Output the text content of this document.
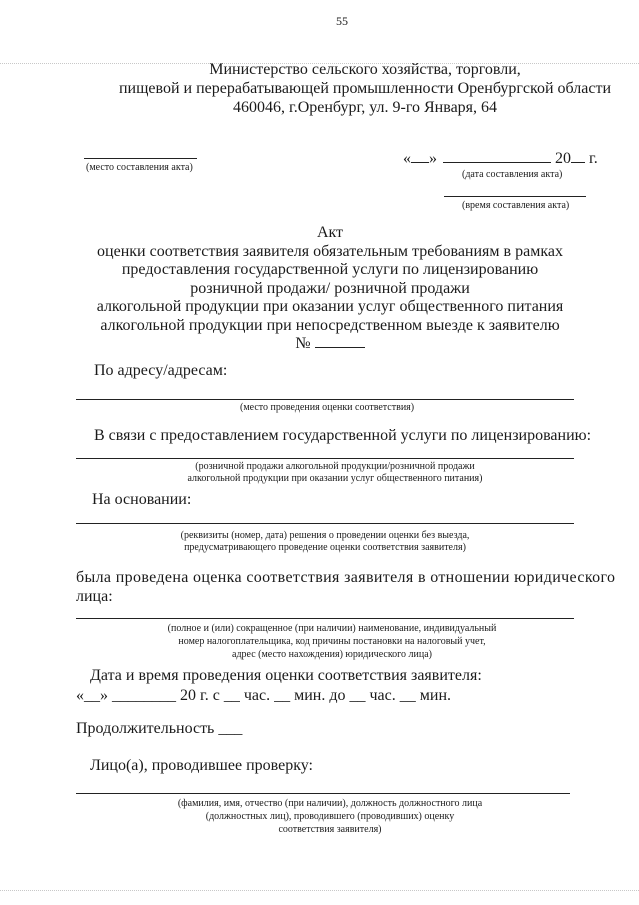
55
Министерство сельского хозяйства, торговли,
пищевой и перерабатывающей промышленности Оренбургской области
460046, г.Оренбург, ул. 9-го Января, 64
(место составления акта)
« »	20 г.
(дата составления акта)
(время составления акта)
Акт
оценки соответствия заявителя обязательным требованиям в рамках
предоставления государственной услуги по лицензированию
розничной продажи/ розничной продажи
алкогольной продукции при оказании услуг общественного питания
алкогольной продукции при непосредственном выезде к заявителю
№
По адресу/адресам:
(место проведения оценки соответствия)
В связи с предоставлением государственной услуги по лицензированию:
(розничной продажи алкогольной продукции/розничной продажи
алкогольной продукции при оказании услуг общественного питания)
На основании:
(реквизиты (номер, дата) решения о проведении оценки без выезда,
предусматривающего проведение оценки соответствия заявителя)
была проведена оценка соответствия заявителя в отношении юридического
лица:
(полное и (или) сокращенное (при наличии) наименование, индивидуальный
номер налогоплательщика, код причины постановки на налоговый учет,
адрес (место нахождения) юридического лица)
Дата и время проведения оценки соответствия заявителя:
«__» ________ 20 г. с __ час. __ мин. до __ час. __ мин.
Продолжительность ___
Лицо(а), проводившее проверку:
(фамилия, имя, отчество (при наличии), должность должностного лица
(должностных лиц), проводившего (проводивших) оценку
соответствия заявителя)
